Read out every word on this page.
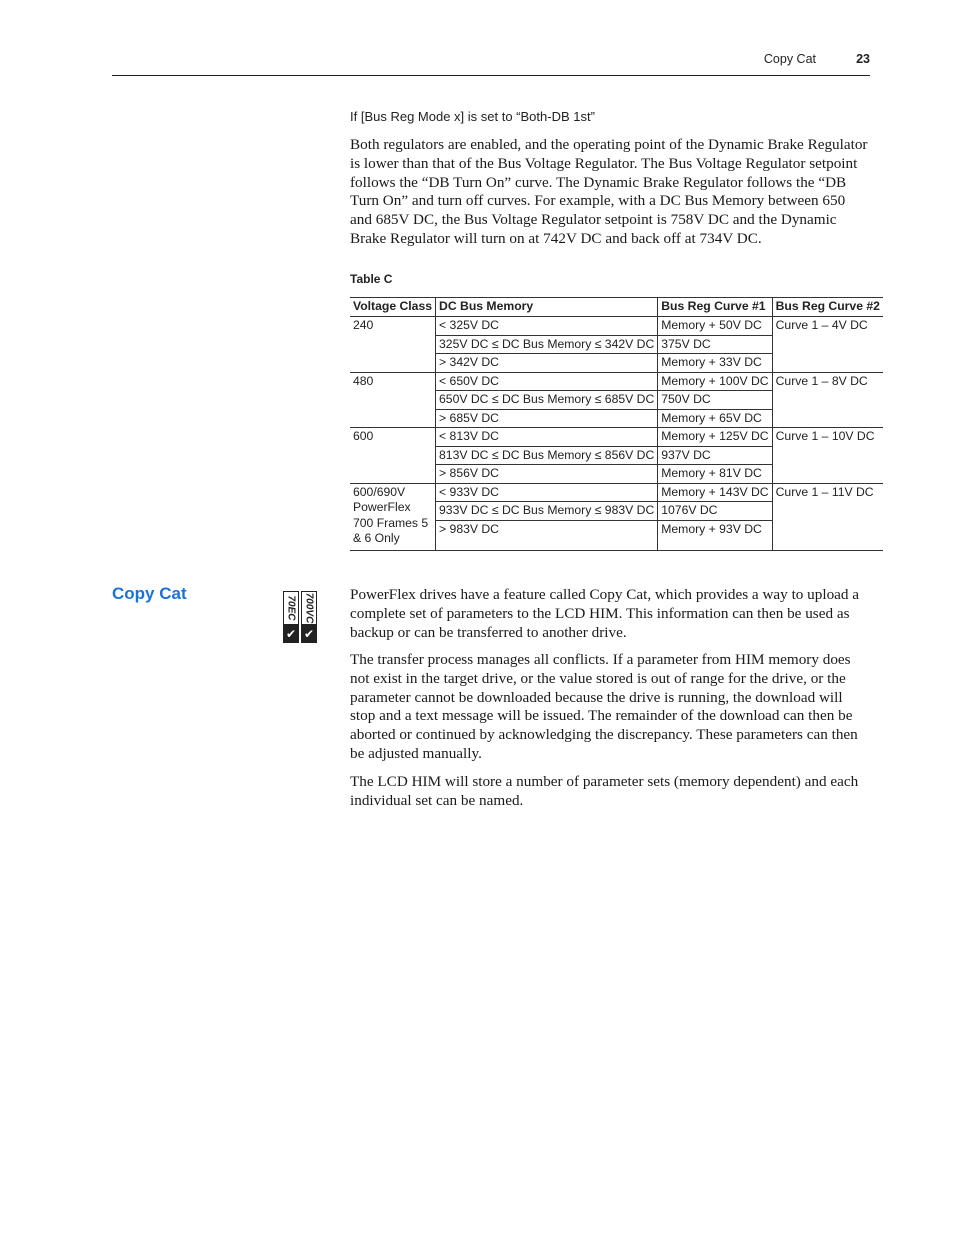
Copy Cat	23
If [Bus Reg Mode x] is set to “Both-DB 1st”

Both regulators are enabled, and the operating point of the Dynamic Brake Regulator is lower than that of the Bus Voltage Regulator. The Bus Voltage Regulator setpoint follows the “DB Turn On” curve. The Dynamic Brake Regulator follows the “DB Turn On” and turn off curves. For example, with a DC Bus Memory between 650 and 685V DC, the Bus Voltage Regulator setpoint is 758V DC and the Dynamic Brake Regulator will turn on at 742V DC and back off at 734V DC.

Table C
Voltage Class	DC Bus Memory	Bus Reg Curve #1	Bus Reg Curve #2
240	< 325V DC	Memory + 50V DC	Curve 1 – 4V DC
	325V DC ≤ DC Bus Memory ≤ 342V DC	375V DC	
	> 342V DC	Memory + 33V DC	
480	< 650V DC	Memory + 100V DC	Curve 1 – 8V DC
	650V DC ≤ DC Bus Memory ≤ 685V DC	750V DC	
	> 685V DC	Memory + 65V DC	
600	< 813V DC	Memory + 125V DC	Curve 1 – 10V DC
	813V DC ≤ DC Bus Memory ≤ 856V DC	937V DC	
	> 856V DC	Memory + 81V DC	
600/690V PowerFlex 700 Frames 5 & 6 Only	< 933V DC	Memory + 143V DC	Curve 1 – 11V DC
	933V DC ≤ DC Bus Memory ≤ 983V DC	1076V DC	
	> 983V DC	Memory + 93V DC	
Copy Cat
70EC
✔
700VC
✔

PowerFlex drives have a feature called Copy Cat, which provides a way to upload a complete set of parameters to the LCD HIM. This information can then be used as backup or can be transferred to another drive.

The transfer process manages all conflicts. If a parameter from HIM memory does not exist in the target drive, or the value stored is out of range for the drive, or the parameter cannot be downloaded because the drive is running, the download will stop and a text message will be issued. The remainder of the download can then be aborted or continued by acknowledging the discrepancy. These parameters can then be adjusted manually.

The LCD HIM will store a number of parameter sets (memory dependent) and each individual set can be named.
